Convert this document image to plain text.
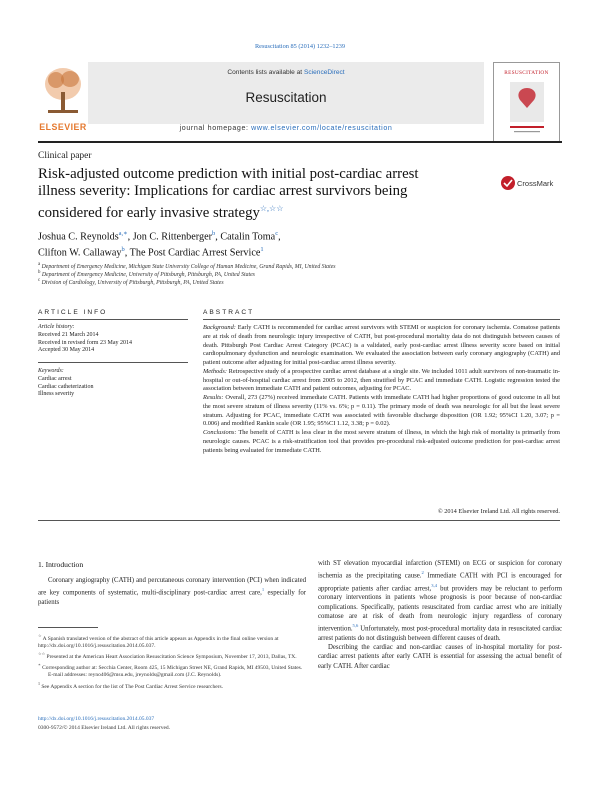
Resuscitation 85 (2014) 1232–1239
ELSEVIER
Contents lists available at ScienceDirect
Resuscitation
journal homepage: www.elsevier.com/locate/resuscitation
RESUSCITATION
Clinical paper
Risk-adjusted outcome prediction with initial post-cardiac arrest
illness severity: Implications for cardiac arrest survivors being
considered for early invasive strategy☆,☆☆
CrossMark
Joshua C. Reynolds$^{a,∗}$, Jon C. Rittenberger$^b$, Catalin Toma$^c$,
Clifton W. Callaway$^b$, The Post Cardiac Arrest Service$^1$
$^a$ Department of Emergency Medicine, Michigan State University College of Human Medicine, Grand Rapids, MI, United States
$^b$ Department of Emergency Medicine, University of Pittsburgh, Pittsburgh, PA, United States
$^c$ Division of Cardiology, University of Pittsburgh, Pittsburgh, PA, United States
ARTICLE INFO	ABSTRACT
Article history:
Received 21 March 2014
Received in revised form 23 May 2014
Accepted 30 May 2014
Keywords:
Cardiac arrest
Cardiac catheterization
Illness severity

Background: Early CATH is recommended for cardiac arrest survivors with STEMI or suspicion for coronary ischemia. Comatose patients are at risk of death from neurologic injury irrespective of CATH, but post-procedural mortality data do not distinguish between causes of death. Pittsburgh Post Cardiac Arrest Category (PCAC) is a validated, early post-cardiac arrest illness severity score based on initial cardiopulmonary dysfunction and neurologic examination. We evaluated the association between early coronary angiography (CATH) and patient outcome after adjusting for initial post-cardiac arrest illness severity.

Methods: Retrospective study of a prospective cardiac arrest database at a single site. We included 1011 adult survivors of non-traumatic in-hospital or out-of-hospital cardiac arrest from 2005 to 2012, then stratified by PCAC and immediate CATH. Logistic regression tested the association between immediate CATH and patient outcomes, adjusting for PCAC.

Results: Overall, 273 (27%) received immediate CATH. Patients with immediate CATH had higher proportions of good outcome in all but the most severe stratum of illness severity (11% vs. 6%; p = 0.11). The primary mode of death was neurologic for all but the least severe stratum. Adjusting for PCAC, immediate CATH was associated with favorable discharge disposition (OR 1.92; 95%CI 1.20, 3.07; p = 0.006) and modified Rankin scale (OR 1.95; 95%CI 1.12, 3.38; p = 0.02).

Conclusions: The benefit of CATH is less clear in the most severe stratum of illness, in which the high risk of mortality is primarily from neurologic causes. PCAC is a risk-stratification tool that provides pre-procedural risk-adjusted outcome prediction for post-cardiac arrest patients being evaluated for immediate CATH.

© 2014 Elsevier Ireland Ltd. All rights reserved.
1. Introduction

Coronary angiography (CATH) and percutaneous coronary intervention (PCI) when indicated are key components of systematic, multi-disciplinary post-cardiac arrest care,$^1$ especially for patients

with ST elevation myocardial infarction (STEMI) on ECG or suspicion for coronary ischemia as the precipitating cause.$^2$ Immediate CATH with PCI is encouraged for appropriate patients after cardiac arrest,$^{3,4}$ but providers may be reluctant to perform coronary interventions in patients whose prognosis is poor because of non-cardiac complications. Specifically, patients resuscitated from cardiac arrest who are initially comatose are at risk of death from neurologic injury regardless of coronary intervention.$^{5,6}$ Unfortunately, most post-procedural mortality data in resuscitated cardiac arrest patients do not distinguish between different causes of death.

Describing the cardiac and non-cardiac causes of in-hospital mortality for post-cardiac arrest patients after early CATH is essential for assessing the actual benefit of early CATH. After cardiac

☆ A Spanish translated version of the abstract of this article appears as Appendix in the final online version at http://dx.doi.org/10.1016/j.resuscitation.2014.05.037.
☆☆ Presented at the American Heart Association Resuscitation Science Symposium, November 17, 2013, Dallas, TX.
∗ Corresponding author at: Secchia Center, Room 425, 15 Michigan Street NE, Grand Rapids, MI 49503, United States.
E-mail addresses: reyno406@msu.edu, jreynolds@gmail.com (J.C. Reynolds).
$^1$ See Appendix A section for the list of The Post Cardiac Arrest Service researchers.
http://dx.doi.org/10.1016/j.resuscitation.2014.05.037
0300-9572/© 2014 Elsevier Ireland Ltd. All rights reserved.
